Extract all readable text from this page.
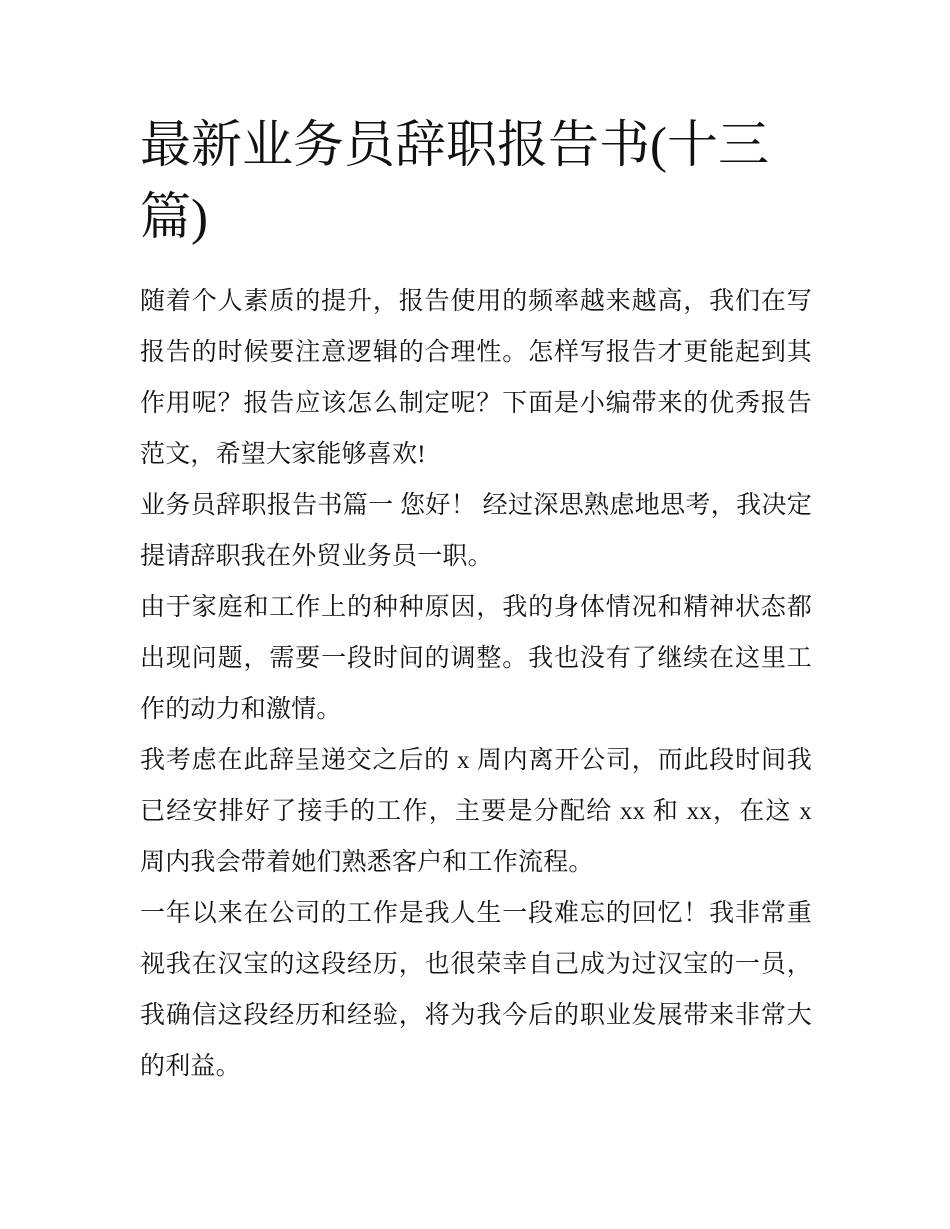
最新业务员辞职报告书(十三篇)

随着个人素质的提升，报告使用的频率越来越高，我们在写报告的时候要注意逻辑的合理性。怎样写报告才更能起到其作用呢？报告应该怎么制定呢？下面是小编带来的优秀报告范文，希望大家能够喜欢!

业务员辞职报告书篇一 您好！ 经过深思熟虑地思考，我决定提请辞职我在外贸业务员一职。

由于家庭和工作上的种种原因，我的身体情况和精神状态都出现问题，需要一段时间的调整。我也没有了继续在这里工作的动力和激情。

我考虑在此辞呈递交之后的 x 周内离开公司，而此段时间我已经安排好了接手的工作，主要是分配给 xx 和 xx，在这 x 周内我会带着她们熟悉客户和工作流程。

一年以来在公司的工作是我人生一段难忘的回忆！我非常重视我在汉宝的这段经历，也很荣幸自己成为过汉宝的一员，我确信这段经历和经验，将为我今后的职业发展带来非常大的利益。
